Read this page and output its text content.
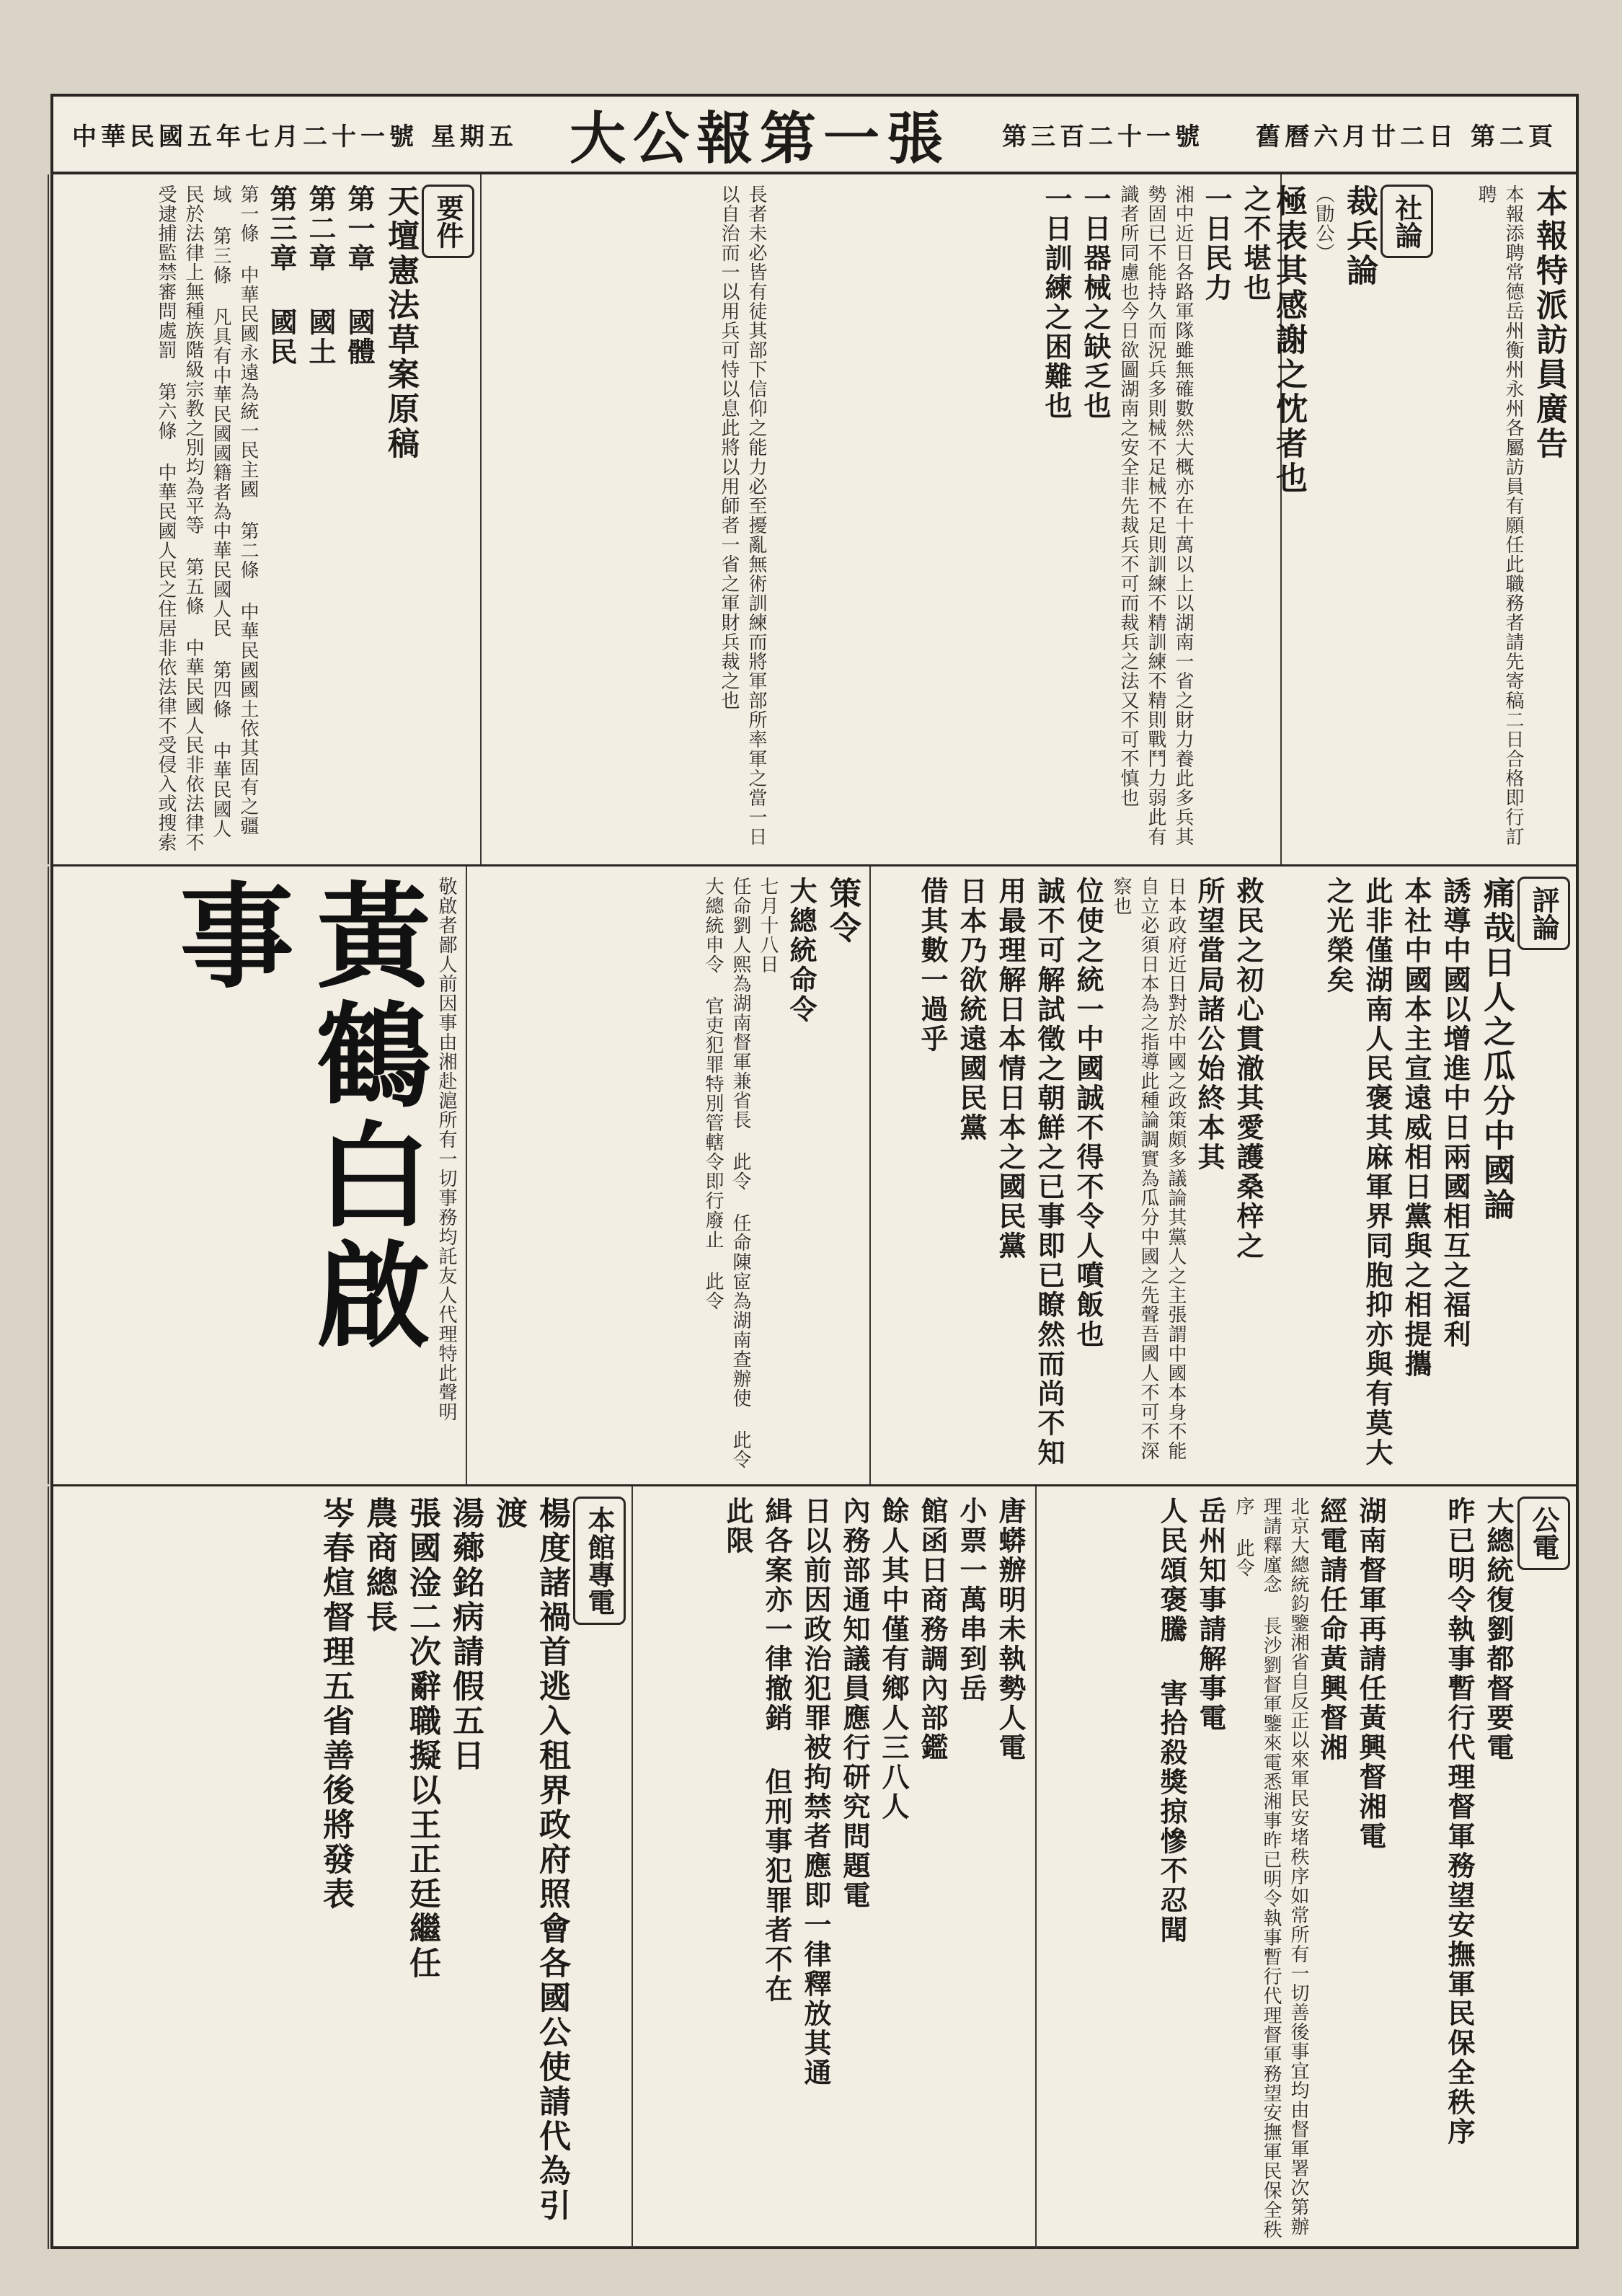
中華民國五年七月二十一號 星期五 大公報第一張 第三百二十一號 舊曆六月廿二日 第二頁
本報特派訪員廣告
本報添聘常德岳州衡州永州各屬訪員有願任此職務者請先寄稿二日合格即行訂聘
社論
裁兵論
（勖公）
極表其感謝之忱者也
之不堪也
一日民力
湘中近日各路軍隊雖無確數然大概亦在十萬以上以湖南一省之財力養此多兵其勢固已不能持久而況兵多則械不足械不足則訓練不精訓練不精則戰鬥力弱此有識者所同慮也今日欲圖湖南之安全非先裁兵不可而裁兵之法又不可不慎也
一日器械之缺乏也
一日訓練之困難也
長者未必皆有徒其部下信仰之能力必至擾亂無術訓練而將軍部所率軍之當一日以自治而一以用兵可恃以息此將以用師者一省之軍財兵裁之也
要件
天壇憲法草案原稿
第一章 國體
第二章 國土
第三章 國民
第一條 中華民國永遠為統一民主國 第二條 中華民國國土依其固有之疆域 第三條 凡具有中華民國國籍者為中華民國人民 第四條 中華民國人民於法律上無種族階級宗教之別均為平等 第五條 中華民國人民非依法律不受逮捕監禁審問處罰 第六條 中華民國人民之住居非依法律不受侵入或搜索
評論
痛哉日人之瓜分中國論
誘導中國以增進中日兩國相互之福利
本社中國本主宣遠威相日黨與之相提攜
此非僅湖南人民褒其麻軍界同胞抑亦與有莫大之光榮矣
救民之初心貫澈其愛護桑梓之
所望當局諸公始終本其
日本政府近日對於中國之政策頗多議論其黨人之主張謂中國本身不能自立必須日本為之指導此種論調實為瓜分中國之先聲吾國人不可不深察也
位使之統一中國誠不得不令人噴飯也
誠不可解試徵之朝鮮之已事即已瞭然而尚不知
用最理解日本情日本之國民黨
日本乃欲統遠國民黨
借其數一過乎
策令
大總統命令
七月十八日
任命劉人熙為湖南督軍兼省長 此令 任命陳宧為湖南查辦使 此令 大總統申令 官吏犯罪特別管轄令即行廢止 此令
敬啟者鄙人前因事由湘赴滬所有一切事務均託友人代理特此聲明
黃鶴白啟事
公電
大總統復劉都督要電
昨已明令執事暫行代理督軍務望安撫軍民保全秩序
湖南督軍再請任黃興督湘電
經電請任命黃興督湘
北京大總統鈞鑒湘省自反正以來軍民安堵秩序如常所有一切善後事宜均由督軍署次第辦理請釋廑念 長沙劉督軍鑒來電悉湘事昨已明令執事暫行代理督軍務望安撫軍民保全秩序 此令
岳州知事請解事電
人民頌褒騰 害拾殺獎掠慘不忍聞
唐蟒辦明未執勢人電
小票一萬串到岳
館函日商務調內部鑑
餘人其中僅有鄉人三八人
內務部通知議員應行研究問題電
日以前因政治犯罪被拘禁者應即一律釋放其通
緝各案亦一律撤銷 但刑事犯罪者不在
此限
本館專電
楊度諸禍首逃入租界政府照會各國公使請代為引渡
湯薌銘病請假五日
張國淦二次辭職擬以王正廷繼任
農商總長
岑春煊督理五省善後將發表
